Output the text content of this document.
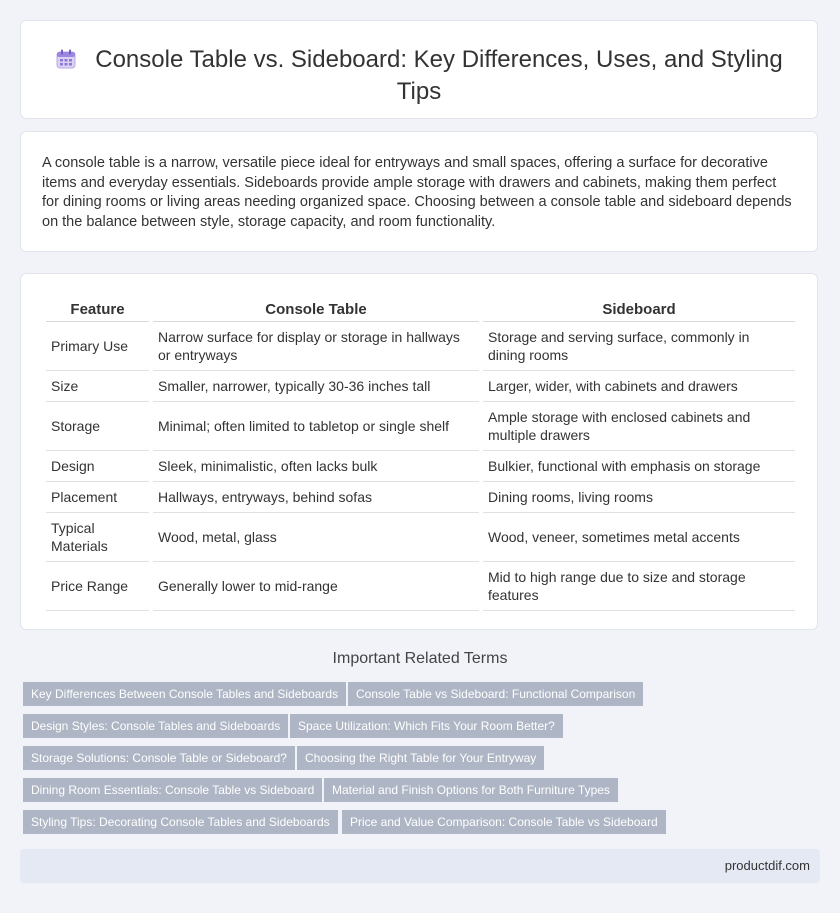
Console Table vs. Sideboard: Key Differences, Uses, and Styling Tips

A console table is a narrow, versatile piece ideal for entryways and small spaces, offering a surface for decorative items and everyday essentials. Sideboards provide ample storage with drawers and cabinets, making them perfect for dining rooms or living areas needing organized space. Choosing between a console table and sideboard depends on the balance between style, storage capacity, and room functionality.

Feature	Console Table	Sideboard
Primary Use	Narrow surface for display or storage in hallways or entryways	Storage and serving surface, commonly in dining rooms
Size	Smaller, narrower, typically 30-36 inches tall	Larger, wider, with cabinets and drawers
Storage	Minimal; often limited to tabletop or single shelf	Ample storage with enclosed cabinets and multiple drawers
Design	Sleek, minimalistic, often lacks bulk	Bulkier, functional with emphasis on storage
Placement	Hallways, entryways, behind sofas	Dining rooms, living rooms
Typical Materials	Wood, metal, glass	Wood, veneer, sometimes metal accents
Price Range	Generally lower to mid-range	Mid to high range due to size and storage features
Important Related Terms
Key Differences Between Console Tables and Sideboards	Console Table vs Sideboard: Functional Comparison
Design Styles: Console Tables and Sideboards	Space Utilization: Which Fits Your Room Better?
Storage Solutions: Console Table or Sideboard?	Choosing the Right Table for Your Entryway
Dining Room Essentials: Console Table vs Sideboard	Material and Finish Options for Both Furniture Types
Styling Tips: Decorating Console Tables and Sideboards	Price and Value Comparison: Console Table vs Sideboard
productdif.com
